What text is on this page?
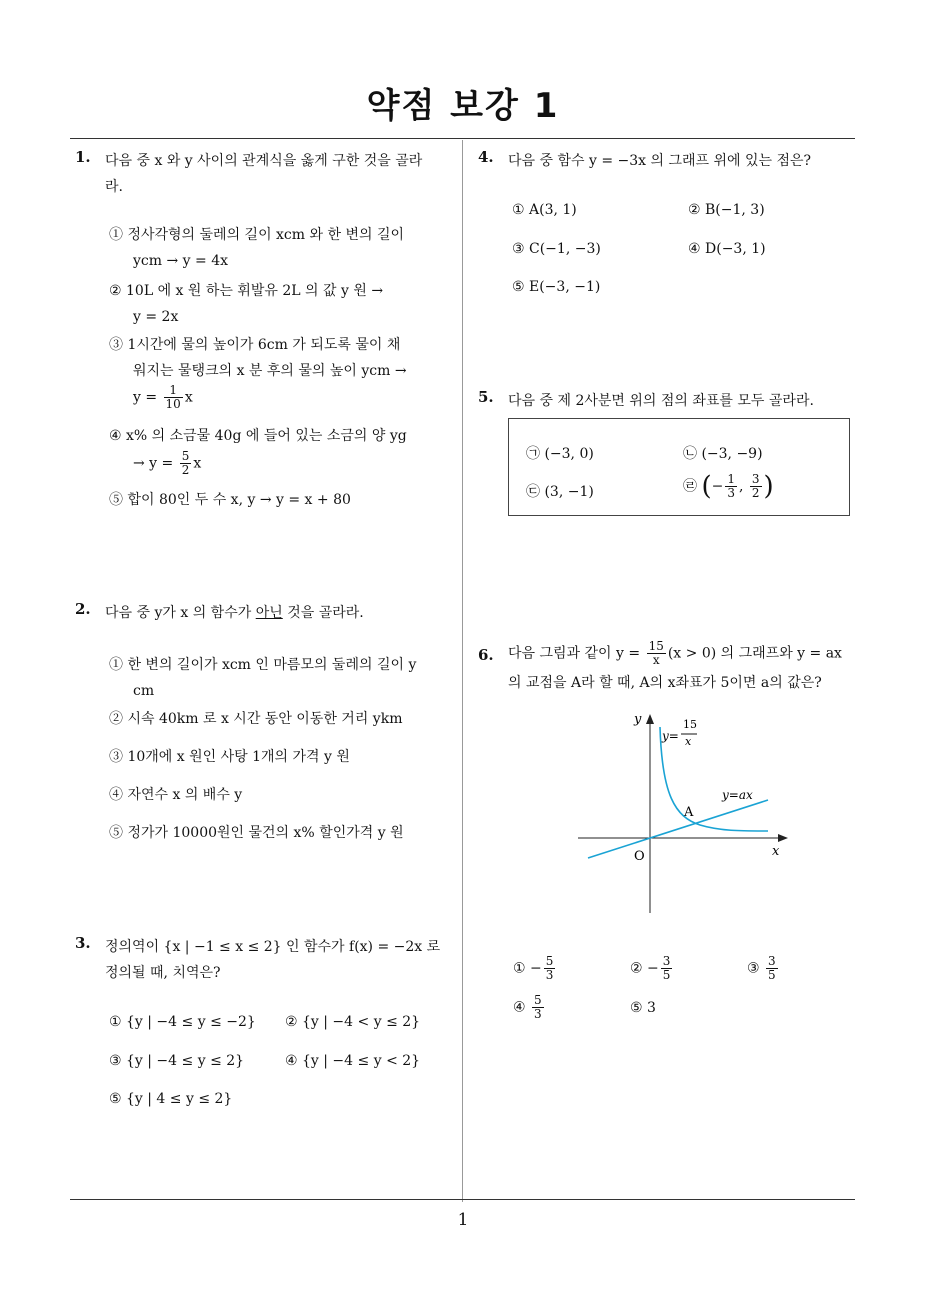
약점 보강 1
1
1. 다음 중 x 와 y 사이의 관계식을 옳게 구한 것을 골라
라.
① 정사각형의 둘레의 길이 xcm 와 한 변의 길이
ycm → y = 4x
② 10L 에 x 원 하는 휘발유 2L 의 값 y 원 →
y = 2x
③ 1시간에 물의 높이가 6cm 가 되도록 물이 채
워지는 물탱크의 x 분 후의 물의 높이 ycm →
$y = \frac{1}{10}$ x
④ x% 의 소금물 40g 에 들어 있는 소금의 양 yg
→ $y = \frac{5}{2}$ x
⑤ 합이 80인 두 수 x, y → y = x + 80
2. 다음 중 y가 x 의 함수가 아닌 것을 골라라.
① 한 변의 길이가 xcm 인 마름모의 둘레의 길이 y
cm
② 시속 40km 로 x 시간 동안 이동한 거리 ykm
③ 10개에 x 원인 사탕 1개의 가격 y 원
④ 자연수 x 의 배수 y
⑤ 정가가 10000원인 물건의 x% 할인가격 y 원
3. 정의역이 {x | −1 ≤ x ≤ 2} 인 함수가 f(x) = −2x 로
정의될 때, 치역은?
① {y | −4 ≤ y ≤ −2} ② {y | −4 < y ≤ 2}
③ {y | −4 ≤ y ≤ 2}	④ {y | −4 ≤ y < 2}
⑤ {y | 4 ≤ y ≤ 2}
4. 다음 중 함수 y = −3x 의 그래프 위에 있는 점은?
① A(3, 1)	② B(−1, 3)
③ C(−1, −3)	④ D(−3, 1)
⑤ E(−3, −1)
5. 다음 중 제 2사분면 위의 점의 좌표를 모두 골라라.
㉠ (−3, 0)	㉡ (−3, −9)
㉢ (3, −1)	㉣ (− $\frac{1}{3}$ , $\frac{3}{2}$ )
6. 다음 그림과 같이 $y = \frac{15}{x} (x > 0)$ 의 그래프와 y = ax
의 교점을 A라 할 때, A의 x좌표가 5이면 a의 값은?
y
x
O
A
y=ax
y=
15
x
① − $\frac{5}{3}$	② − $\frac{3}{5}$	③ $\frac{3}{5}$
④ $\frac{5}{3}$	⑤ 3
